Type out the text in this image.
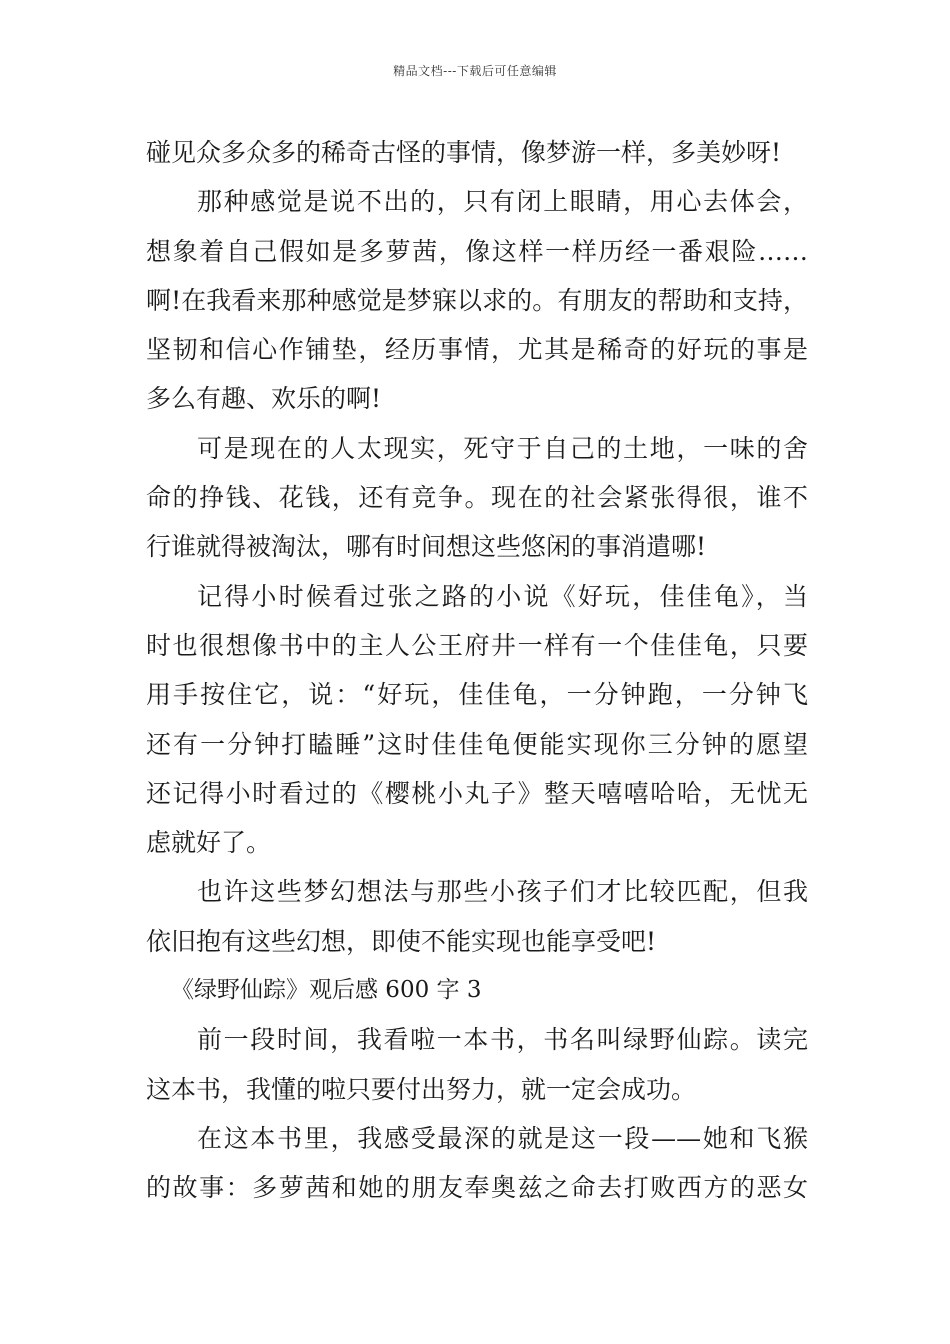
精品文档---下载后可任意编辑
碰见众多众多的稀奇古怪的事情，像梦游一样，多美妙呀!
那种感觉是说不出的，只有闭上眼睛，用心去体会，
想象着自己假如是多萝茜，像这样一样历经一番艰险……
啊!在我看来那种感觉是梦寐以求的。有朋友的帮助和支持，
坚韧和信心作铺垫，经历事情，尤其是稀奇的好玩的事是
多么有趣、欢乐的啊!
可是现在的人太现实，死守于自己的土地，一味的舍
命的挣钱、花钱，还有竞争。现在的社会紧张得很，谁不
行谁就得被淘汰，哪有时间想这些悠闲的事消遣哪!
记得小时候看过张之路的小说《好玩，佳佳龟》，当
时也很想像书中的主人公王府井一样有一个佳佳龟，只要
用手按住它，说：“好玩，佳佳龟，一分钟跑，一分钟飞
还有一分钟打瞌睡”这时佳佳龟便能实现你三分钟的愿望
还记得小时看过的《樱桃小丸子》整天嘻嘻哈哈，无忧无
虑就好了。
也许这些梦幻想法与那些小孩子们才比较匹配，但我
依旧抱有这些幻想，即使不能实现也能享受吧!
《绿野仙踪》观后感 600 字 3
前一段时间，我看啦一本书，书名叫绿野仙踪。读完
这本书，我懂的啦只要付出努力，就一定会成功。
在这本书里，我感受最深的就是这一段——她和飞猴
的故事：多萝茜和她的朋友奉奥兹之命去打败西方的恶女
